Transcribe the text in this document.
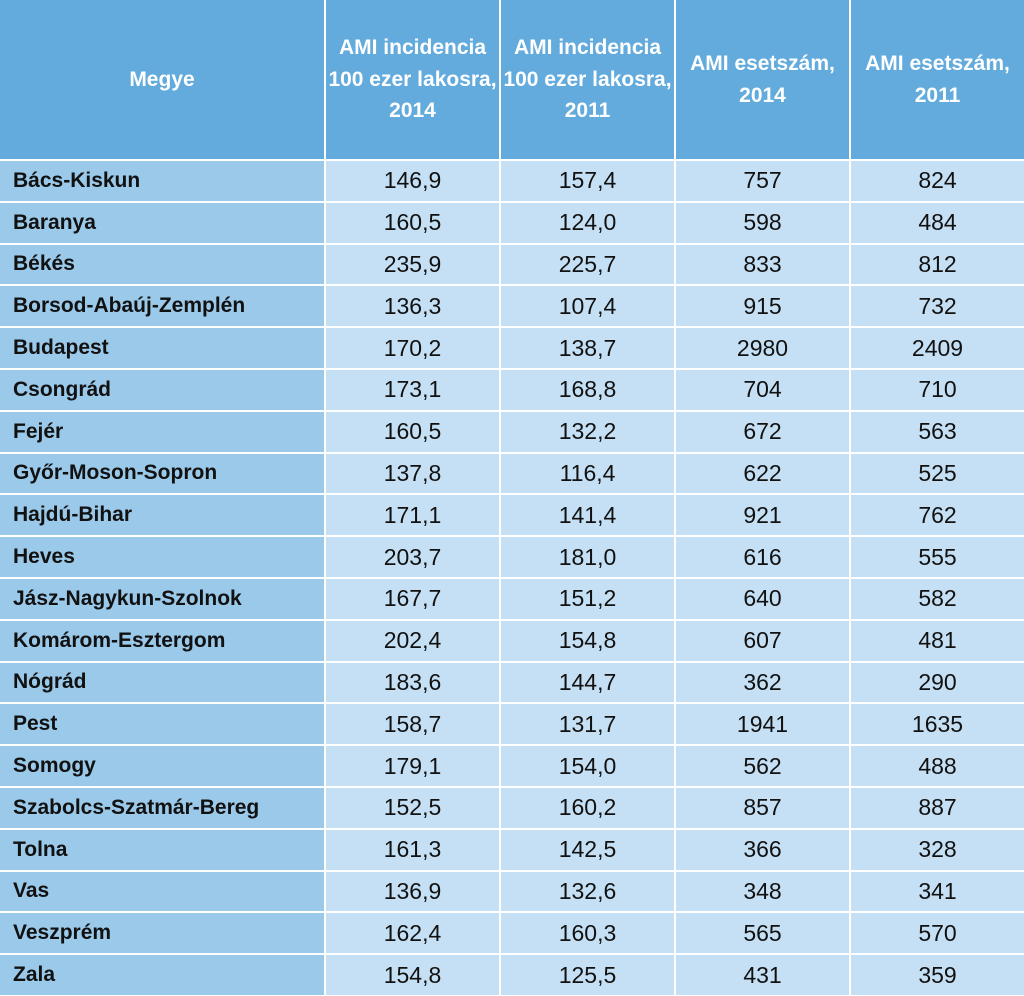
Megye	AMI incidencia 100 ezer lakosra, 2014	AMI incidencia 100 ezer lakosra, 2011	AMI esetszám, 2014	AMI esetszám, 2011
Bács-Kiskun	146,9	157,4	757	824
Baranya	160,5	124,0	598	484
Békés	235,9	225,7	833	812
Borsod-Abaúj-Zemplén	136,3	107,4	915	732
Budapest	170,2	138,7	2980	2409
Csongrád	173,1	168,8	704	710
Fejér	160,5	132,2	672	563
Győr-Moson-Sopron	137,8	116,4	622	525
Hajdú-Bihar	171,1	141,4	921	762
Heves	203,7	181,0	616	555
Jász-Nagykun-Szolnok	167,7	151,2	640	582
Komárom-Esztergom	202,4	154,8	607	481
Nógrád	183,6	144,7	362	290
Pest	158,7	131,7	1941	1635
Somogy	179,1	154,0	562	488
Szabolcs-Szatmár-Bereg	152,5	160,2	857	887
Tolna	161,3	142,5	366	328
Vas	136,9	132,6	348	341
Veszprém	162,4	160,3	565	570
Zala	154,8	125,5	431	359
